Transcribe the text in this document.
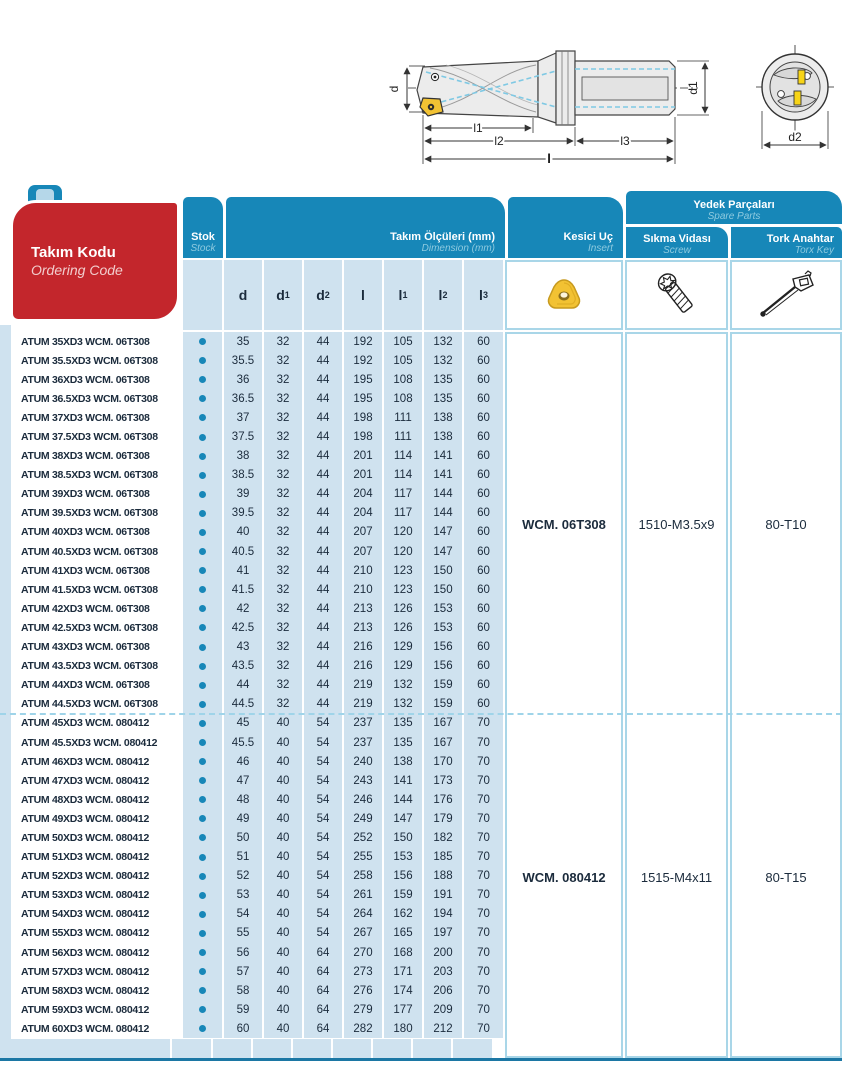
d	d1
l1
l2	l3
l
d2
Takım Kodu
Ordering Code
Stok
Stock
Takım Ölçüleri (mm)
Dimension (mm)
Kesici Uç
Insert
Yedek Parçaları
Spare Parts
Sıkma Vidası
Screw
Tork Anahtar
Torx Key
d	d 1	d 2	l	l 1	l 2	l 3
ATUM 35XD3 WCM. 06T308	35	32	44	192	105	132	60
ATUM 35.5XD3 WCM. 06T308	35.5	32	44	192	105	132	60
ATUM 36XD3 WCM. 06T308	36	32	44	195	108	135	60
ATUM 36.5XD3 WCM. 06T308	36.5	32	44	195	108	135	60
ATUM 37XD3 WCM. 06T308	37	32	44	198	111	138	60
ATUM 37.5XD3 WCM. 06T308	37.5	32	44	198	111	138	60
ATUM 38XD3 WCM. 06T308	38	32	44	201	114	141	60
ATUM 38.5XD3 WCM. 06T308	38.5	32	44	201	114	141	60
ATUM 39XD3 WCM. 06T308	39	32	44	204	117	144	60
ATUM 39.5XD3 WCM. 06T308	39.5	32	44	204	117	144	60
ATUM 40XD3 WCM. 06T308	40	32	44	207	120	147	60
ATUM 40.5XD3 WCM. 06T308	40.5	32	44	207	120	147	60
ATUM 41XD3 WCM. 06T308	41	32	44	210	123	150	60
ATUM 41.5XD3 WCM. 06T308	41.5	32	44	210	123	150	60
ATUM 42XD3 WCM. 06T308	42	32	44	213	126	153	60
ATUM 42.5XD3 WCM. 06T308	42.5	32	44	213	126	153	60
ATUM 43XD3 WCM. 06T308	43	32	44	216	129	156	60
ATUM 43.5XD3 WCM. 06T308	43.5	32	44	216	129	156	60
ATUM 44XD3 WCM. 06T308	44	32	44	219	132	159	60
ATUM 44.5XD3 WCM. 06T308	44.5	32	44	219	132	159	60
ATUM 45XD3 WCM. 080412	45	40	54	237	135	167	70
ATUM 45.5XD3 WCM. 080412	45.5	40	54	237	135	167	70
ATUM 46XD3 WCM. 080412	46	40	54	240	138	170	70
ATUM 47XD3 WCM. 080412	47	40	54	243	141	173	70
ATUM 48XD3 WCM. 080412	48	40	54	246	144	176	70
ATUM 49XD3 WCM. 080412	49	40	54	249	147	179	70
ATUM 50XD3 WCM. 080412	50	40	54	252	150	182	70
ATUM 51XD3 WCM. 080412	51	40	54	255	153	185	70
ATUM 52XD3 WCM. 080412	52	40	54	258	156	188	70
ATUM 53XD3 WCM. 080412	53	40	54	261	159	191	70
ATUM 54XD3 WCM. 080412	54	40	54	264	162	194	70
ATUM 55XD3 WCM. 080412	55	40	54	267	165	197	70
ATUM 56XD3 WCM. 080412	56	40	64	270	168	200	70
ATUM 57XD3 WCM. 080412	57	40	64	273	171	203	70
ATUM 58XD3 WCM. 080412	58	40	64	276	174	206	70
ATUM 59XD3 WCM. 080412	59	40	64	279	177	209	70
ATUM 60XD3 WCM. 080412	60	40	64	282	180	212	70
WCM. 06T308
WCM. 080412
1510-M3.5x9
1515-M4x11
80-T10
80-T15
